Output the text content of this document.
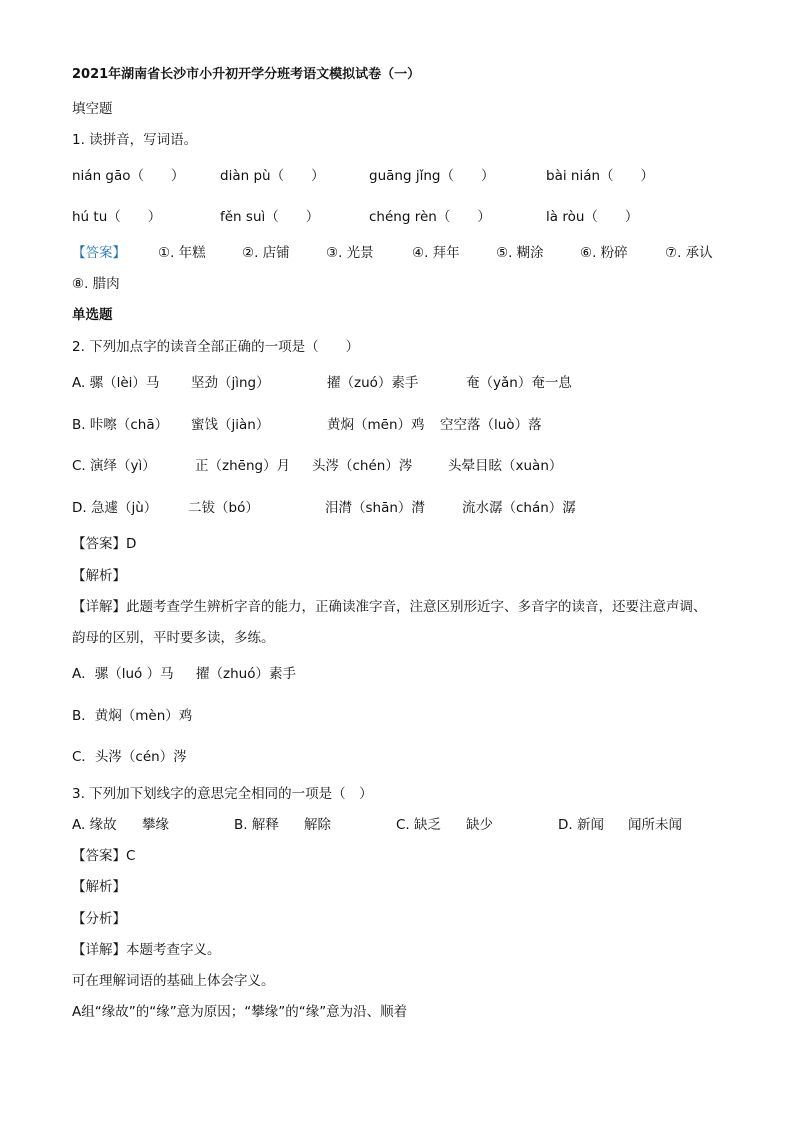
2021年湖南省长沙市小升初开学分班考语文模拟试卷（一）
填空题
1. 读拼音，写词语。
nián gāo（　　）	diàn pù（　　）	guāng jǐng（　　）	bài nián（　　）
hú tu（　　）	fěn suì（　　）	chéng rèn（　　）	là ròu（　　）
【答案】 ①. 年糕	②. 店铺	③. 光景	④. 拜年	⑤. 糊涂	⑥. 粉碎	⑦. 承认
⑧. 腊肉
单选题
2. 下列加点字的读音全部正确的一项是（　　）
A. 骡（lèi）马 坚劲（jìng）	擢（zuó）素手	奄（yǎn）奄一息
B. 咔嚓（chā） 蜜饯（jiàn）	黄焖（mēn）鸡 空空落（luò）落
C. 演绎（yì）	正（zhēng）月 头涔（chén）涔	头晕目眩（xuàn）
D. 急遽（jù） 二钹（bó）	泪潸（shān）潸	流水潺（chán）潺
【答案】D
【解析】
【详解】此题考查学生辨析字音的能力，正确读准字音，注意区别形近字、多音字的读音，还要注意声调、
韵母的区别，平时要多读，多练。
A．骡（luó ）马 擢（zhuó）素手
B．黄焖（mèn）鸡
C．头涔（cén）涔
3. 下列加下划线字的意思完全相同的一项是（　）
A. 缘故 攀缘	B. 解释 解除	C. 缺乏 缺少	D. 新闻 闻所未闻
【答案】C
【解析】
【分析】
【详解】本题考查字义。
可在理解词语的基础上体会字义。
A组“缘故”的“缘”意为原因；“攀缘”的“缘”意为沿、顺着
